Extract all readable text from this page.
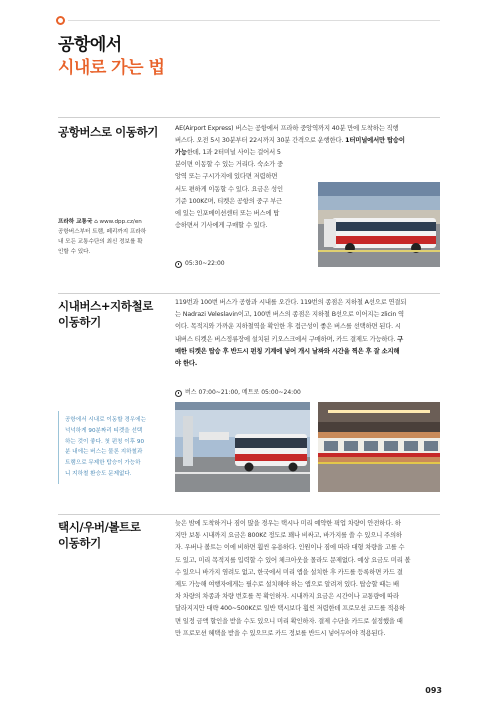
공항에서
시내로 가는 법
공항버스로 이동하기	AE(Airport Express) 버스는 공항에서 프라하 중앙역까지 40분 만에 도착하는 직행
버스다. 오전 5시 30분부터 22시까지 30분 간격으로 운행한다. 1터미널에서만 탑승이
가능한데, 1과 2터미널 사이는 걸어서 5
분이면 이동할 수 있는 거리다. 숙소가 중
앙역 또는 구시가지에 있다면 저렴하면
서도 편하게 이동할 수 있다. 요금은 성인
기준 100Kč며, 티켓은 공항의 중구 부근
에 있는 인포메이션센터 또는 버스에 탑
승하면서 기사에게 구매할 수 있다.
05:30~22:00
프라하 교통국 ⌂ www.dpp.cz/en
공항버스부터 트램, 페리까지 프라하
내 모든 교통수단의 최신 정보를 확
인할 수 있다.
시내버스+지하철로
이동하기
119번과 100번 버스가 공항과 시내를 오간다. 119번의 종점은 지하철 A선으로 연결되
는 Nadrazi Veleslavin이고, 100번 버스의 종점은 지하철 B선으로 이어지는 zlicin 역
이다. 목적지와 가까운 지하철역을 확인한 후 접근성이 좋은 버스를 선택하면 된다. 시
내버스 티켓은 버스정류장에 설치된 키오스크에서 구매하며, 카드 결제도 가능하다. 구
매한 티켓은 탑승 후 반드시 펀칭 기계에 넣어 개시 날짜와 시간을 찍은 후 잘 소지해
야 한다.
버스 07:00~21:00, 메트로 05:00~24:00
공항에서 시내로 이동할 경우에는
넉넉하게 90분짜리 티켓을 선택
하는 것이 좋다. 첫 펀칭 이후 90
분 내에는 버스는 물론 지하철과
트램으로 무제한 탑승이 가능하
니 지하철 환승도 문제없다.
택시/우버/볼트로
이동하기
늦은 밤에 도착하거나 짐이 많을 경우는 택시나 미리 예약한 픽업 차량이 안전하다. 하
지만 보통 시내까지 요금은 800Kč 정도로 꽤나 비싸고, 바가지를 쓸 수 있으니 주의하
자. 우버나 볼트는 이에 비하면 훨씬 유용하다. 인원이나 짐에 따라 대형 차량을 고를 수
도 있고, 미리 목적지를 입력할 수 있어 체크아웃을 몰라도 문제없다. 예상 요금도 미리 볼
수 있으니 바가지 염려도 없고, 한국에서 미리 앱을 설치한 후 카드를 등록하면 카드 결
제도 가능해 여행자에게는 필수로 설치해야 하는 앱으로 알려져 있다. 탑승할 때는 배
차 차량의 차종과 차량 번호를 꼭 확인하자. 시내까지 요금은 시간이나 교통량에 따라
달라지지만 대략 400~500Kč로 일반 택시보다 훨씬 저렴한데 프로모션 코드를 적용하
면 일정 금액 할인을 받을 수도 있으니 미리 확인하자. 결제 수단을 카드로 설정했을 때
만 프로모션 혜택을 받을 수 있으므로 카드 정보를 반드시 넣어두어야 적용된다.
093
